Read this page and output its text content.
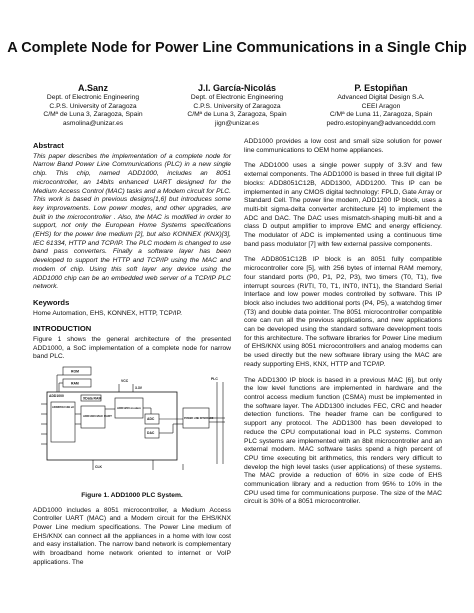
A Complete Node for Power Line Communications in a Single Chip
A.Sanz
Dept. of Electronic Engineering
C.P.S. University of Zaragoza
C/Mª de Luna 3, Zaragoza, Spain
asmolina@unizar.es
J.I. García-Nicolás
Dept. of Electronic Engineering
C.P.S. University of Zaragoza
C/Mª de Luna 3, Zaragoza, Spain
jign@unizar.es
P. Estopiñan
Advanced Digital Design S.A.
CEEI Aragon
C/Mª de Luna 11, Zaragoza, Spain
pedro.estopinyan@advanceddd.com
Abstract

This paper describes the implementation of a complete node for Narrow Band Power Line Communications (PLC) in a new single chip. This chip, named ADD1000, includes an 8051 microcontroller, an 14bits enhanced UART designed for the Medium Access Control (MAC) tasks and a Modem circuit for PLC. This work is based in previous designs[1,6] but introduces some key improvements. Low power modes, and other upgrades, are built in the microcontroller . Also, the MAC is modified in order to support, not only the European Home Systems specifications (EHS) for the power line medium [2], but also KONNEX (KNX)[3], IEC 61334, HTTP and TCP/IP. The PLC modem is changed to use band pass converters. Finally a software layer has been developed to support the HTTP and TCP/IP using the MAC and modem of chip. Using this soft layer any device using the ADD1000 chip can be an embedded web server of a TCP/IP PLC network.

Keywords

Home Automation, EHS, KONNEX, HTTP, TCP/IP.

INTRODUCTION

Figure 1 shows the general architecture of the presented ADD1000, a SoC implementation of a complete node for narrow band PLC.

ROM
RAM
ADD1000
ADD8051C12B uC
XData RAM
ADD1300 MAC UART
ADD1200 modem
ADC
DAC
POWER LINE INTERFACE
VCC
3.3V
CLK
PLC
Figure 1. ADD1000 PLC System.

ADD1000 includes a 8051 microcontroller, a Medium Access Controller UART (MAC) and a Modem circuit for the EHS/KNX Power Line medium specifications. The Power Line medium of EHS/KNX can connect all the appliances in a home with low cost and easy installation. The narrow band network is complementary with broadband home network oriented to internet or VoIP applications. The

ADD1000 provides a low cost and small size solution for power line communications to OEM home appliances.

The ADD1000 uses a single power supply of 3.3V and few external components. The ADD1000 is based in three full digital IP blocks: ADD8051C12B, ADD1300, ADD1200. This IP can be implemented in any CMOS digital technology: FPLD, Gate Array or Standard Cell. The power line modem, ADD1200 IP block, uses a multi-bit sigma-delta converter architecture [4] to implement the ADC and DAC. The DAC uses mismatch-shaping multi-bit and a class D output amplifier to improve EMC and energy efficiency. The modulator of ADC is implemented using a continuous time band pass modulator [7] with few external passive components.

The ADD8051C12B IP block is an 8051 fully compatible microcontroller core [5], with 256 bytes of internal RAM memory, four standard ports (P0, P1, P2, P3), two timers (T0, T1), five interrupt sources (RI/TI, T0, T1, INT0, INT1), the Standard Serial Interface and low power modes controlled by software. This IP block also includes two additional ports (P4, P5), a watchdog timer (T3) and double data pointer. The 8051 microcontroller compatible core can run all the previous applications, and new applications can be developed using the standard software development tools for this architecture. The software libraries for Power Line medium of EHS/KNX using 8051 microcontrollers and analog modems can be used directly but the new software library using the MAC are ready supporting EHS, KNX, HTTP and TCP/IP.

The ADD1300 IP block is based in a previous MAC [6], but only the low level functions are implemented in hardware and the control access medium function (CSMA) must be implemented in the software layer. The ADD1300 includes FEC, CRC and header detection functions. The header frame can be configured to support any protocol. The ADD1300 has been developed to reduce the CPU computational load in PLC systems. Common PLC systems are implemented with an 8bit microcontroller and an external modem. MAC software tasks spend a high percent of CPU time executing bit arithmetics, this renders very difficult to develop the high level tasks (user applications) of these systems. The MAC provide a reduction of 60% in size code of EHS communication library and a reduction from 95% to 10% in the CPU used time for communications purpose. The size of the MAC circuit is 30% of a 8051 microcontroller.
